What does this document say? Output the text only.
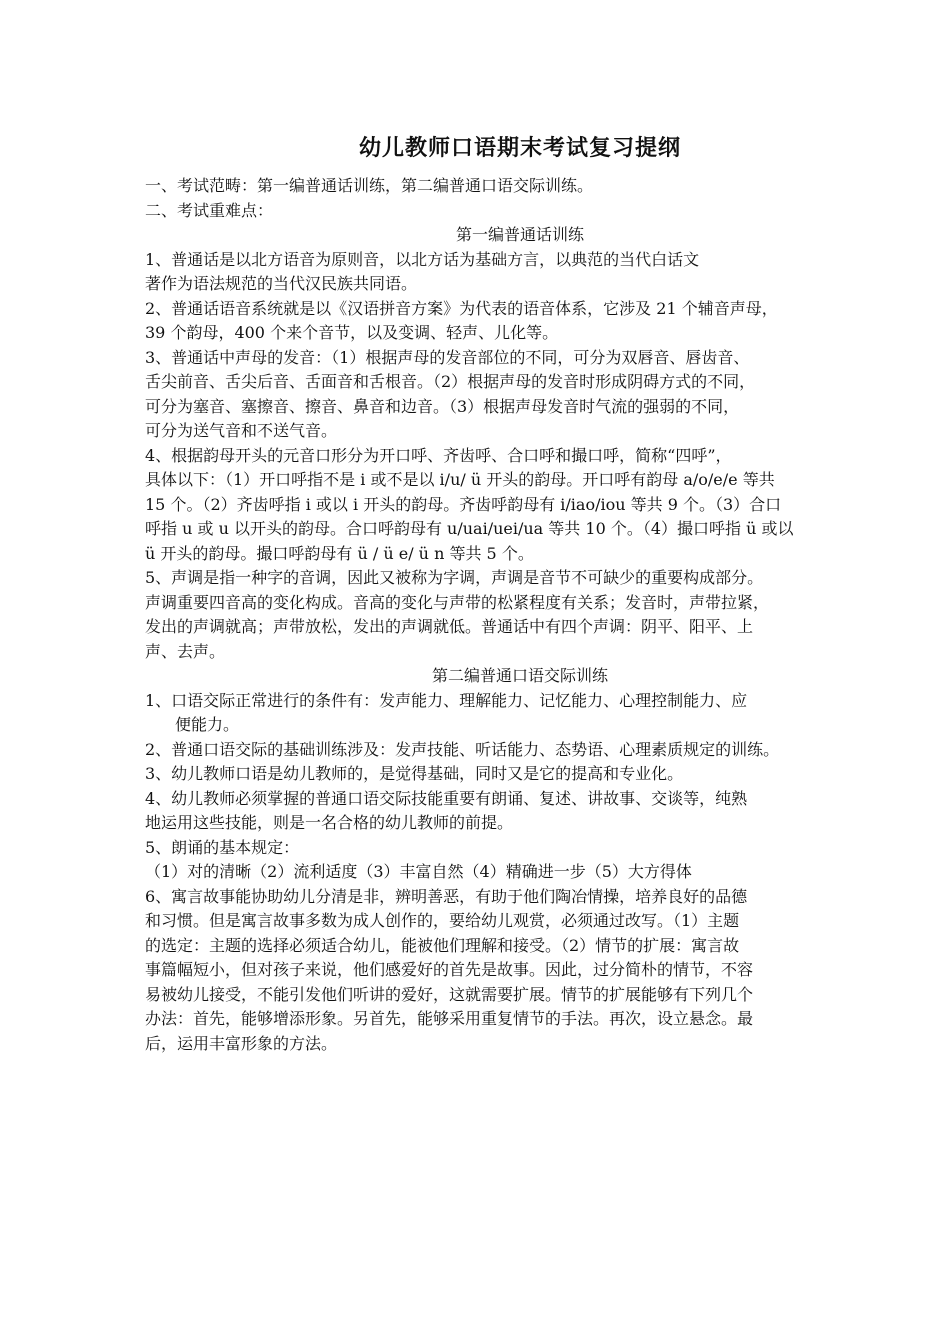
幼儿教师口语期末考试复习提纲

一、考试范畴：第一编普通话训练，第二编普通口语交际训练。

二、考试重难点：

第一编普通话训练

1、普通话是以北方语音为原则音，以北方话为基础方言，以典范的当代白话文

著作为语法规范的当代汉民族共同语。

2、普通话语音系统就是以《汉语拼音方案》为代表的语音体系，它涉及 21 个辅音声母，

39 个韵母，400 个来个音节，以及变调、轻声、儿化等。

3、普通话中声母的发音：（1）根据声母的发音部位的不同，可分为双唇音、唇齿音、

舌尖前音、舌尖后音、舌面音和舌根音。（2）根据声母的发音时形成阴碍方式的不同，

可分为塞音、塞擦音、擦音、鼻音和边音。（3）根据声母发音时气流的强弱的不同，

可分为送气音和不送气音。

4、根据韵母开头的元音口形分为开口呼、齐齿呼、合口呼和撮口呼，简称“四呼”，

具体以下：（1）开口呼指不是 i 或不是以 i/u/ ü 开头的韵母。开口呼有韵母 a/o/e/e 等共

15 个。（2）齐齿呼指 i 或以 i 开头的韵母。齐齿呼韵母有 i/iao/iou 等共 9 个。（3）合口

呼指 u 或 u 以开头的韵母。合口呼韵母有 u/uai/uei/ua 等共 10 个。（4）撮口呼指 ü 或以

ü 开头的韵母。撮口呼韵母有 ü / ü e/ ü n 等共 5 个。

5、声调是指一种字的音调，因此又被称为字调，声调是音节不可缺少的重要构成部分。

声调重要四音高的变化构成。音高的变化与声带的松紧程度有关系；发音时，声带拉紧，

发出的声调就高；声带放松，发出的声调就低。普通话中有四个声调：阴平、阳平、上

声、去声。

第二编普通口语交际训练

1、口语交际正常进行的条件有：发声能力、理解能力、记忆能力、心理控制能力、应

便能力。

2、普通口语交际的基础训练涉及：发声技能、听话能力、态势语、心理素质规定的训练。

3、幼儿教师口语是幼儿教师的，是觉得基础，同时又是它的提高和专业化。

4、幼儿教师必须掌握的普通口语交际技能重要有朗诵、复述、讲故事、交谈等，纯熟

地运用这些技能，则是一名合格的幼儿教师的前提。

5、朗诵的基本规定：

（1）对的清晰（2）流利适度（3）丰富自然（4）精确进一步（5）大方得体

6、寓言故事能协助幼儿分清是非，辨明善恶，有助于他们陶冶情操，培养良好的品德

和习惯。但是寓言故事多数为成人创作的，要给幼儿观赏，必须通过改写。（1）主题

的选定：主题的选择必须适合幼儿，能被他们理解和接受。（2）情节的扩展：寓言故

事篇幅短小，但对孩子来说，他们感爱好的首先是故事。因此，过分简朴的情节，不容

易被幼儿接受，不能引发他们听讲的爱好，这就需要扩展。情节的扩展能够有下列几个

办法：首先，能够增添形象。另首先，能够采用重复情节的手法。再次，设立悬念。最

后，运用丰富形象的方法。
